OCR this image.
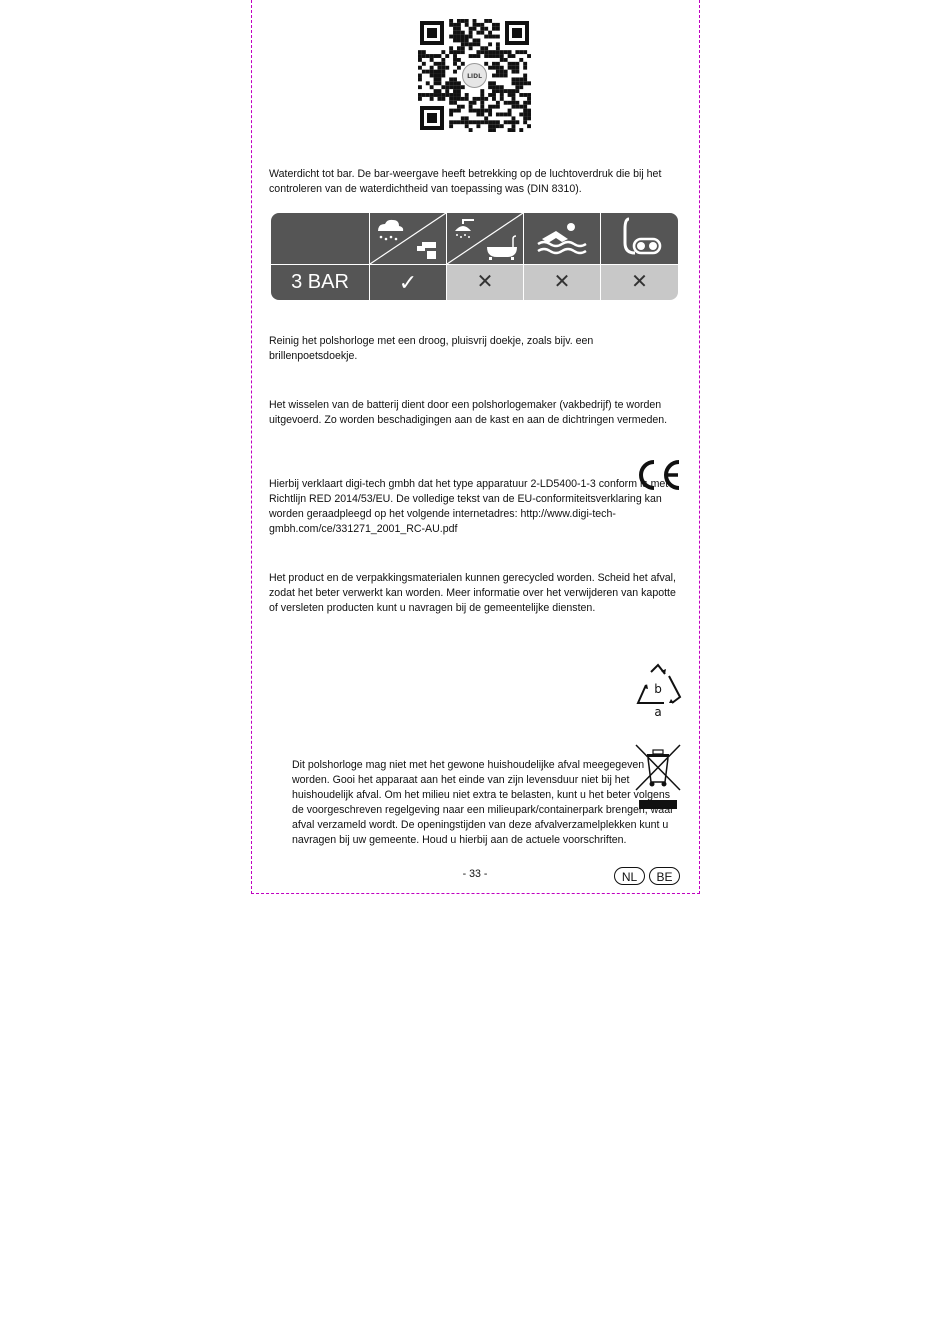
LIDL

Waterdicht tot bar. De bar-weergave heeft betrekking op de luchtoverdruk die bij het controleren van de waterdichtheid van toepassing was (DIN 8310).

3 BAR	✓	✕	✕	✕

Reinig het polshorloge met een droog, pluisvrij doekje, zoals bijv. een brillenpoetsdoekje.

Het wisselen van de batterij dient door een polshorlogemaker (vakbedrijf) te worden uitgevoerd. Zo worden beschadigingen aan de kast en aan de dichtringen vermeden.

Hierbij verklaart digi-tech gmbh dat het type apparatuur 2-LD5400-1-3 conform is met Richtlijn RED 2014/53/EU. De volledige tekst van de EU-conformiteitsverklaring kan worden geraadpleegd op het volgende internetadres: http://www.digi-tech-gmbh.com/ce/331271_2001_RC-AU.pdf

Het product en de verpakkingsmaterialen kunnen gerecycled worden. Scheid het afval, zodat het beter verwerkt kan worden. Meer informatie over het verwijderen van kapotte of versleten producten kunt u navragen bij de gemeentelijke diensten.

b
a

Dit polshorloge mag niet met het gewone huishoudelijke afval meegegeven worden. Gooi het apparaat aan het einde van zijn levensduur niet bij het huishoudelijk afval. Om het milieu niet extra te belasten, kunt u het beter volgens de voorgeschreven regelgeving naar een milieupark/containerpark brengen, waar afval verzameld wordt. De openingstijden van deze afvalverzamelplekken kunt u navragen bij uw gemeente. Houd u hierbij aan de actuele voorschriften.

- 33 -	NL	BE
